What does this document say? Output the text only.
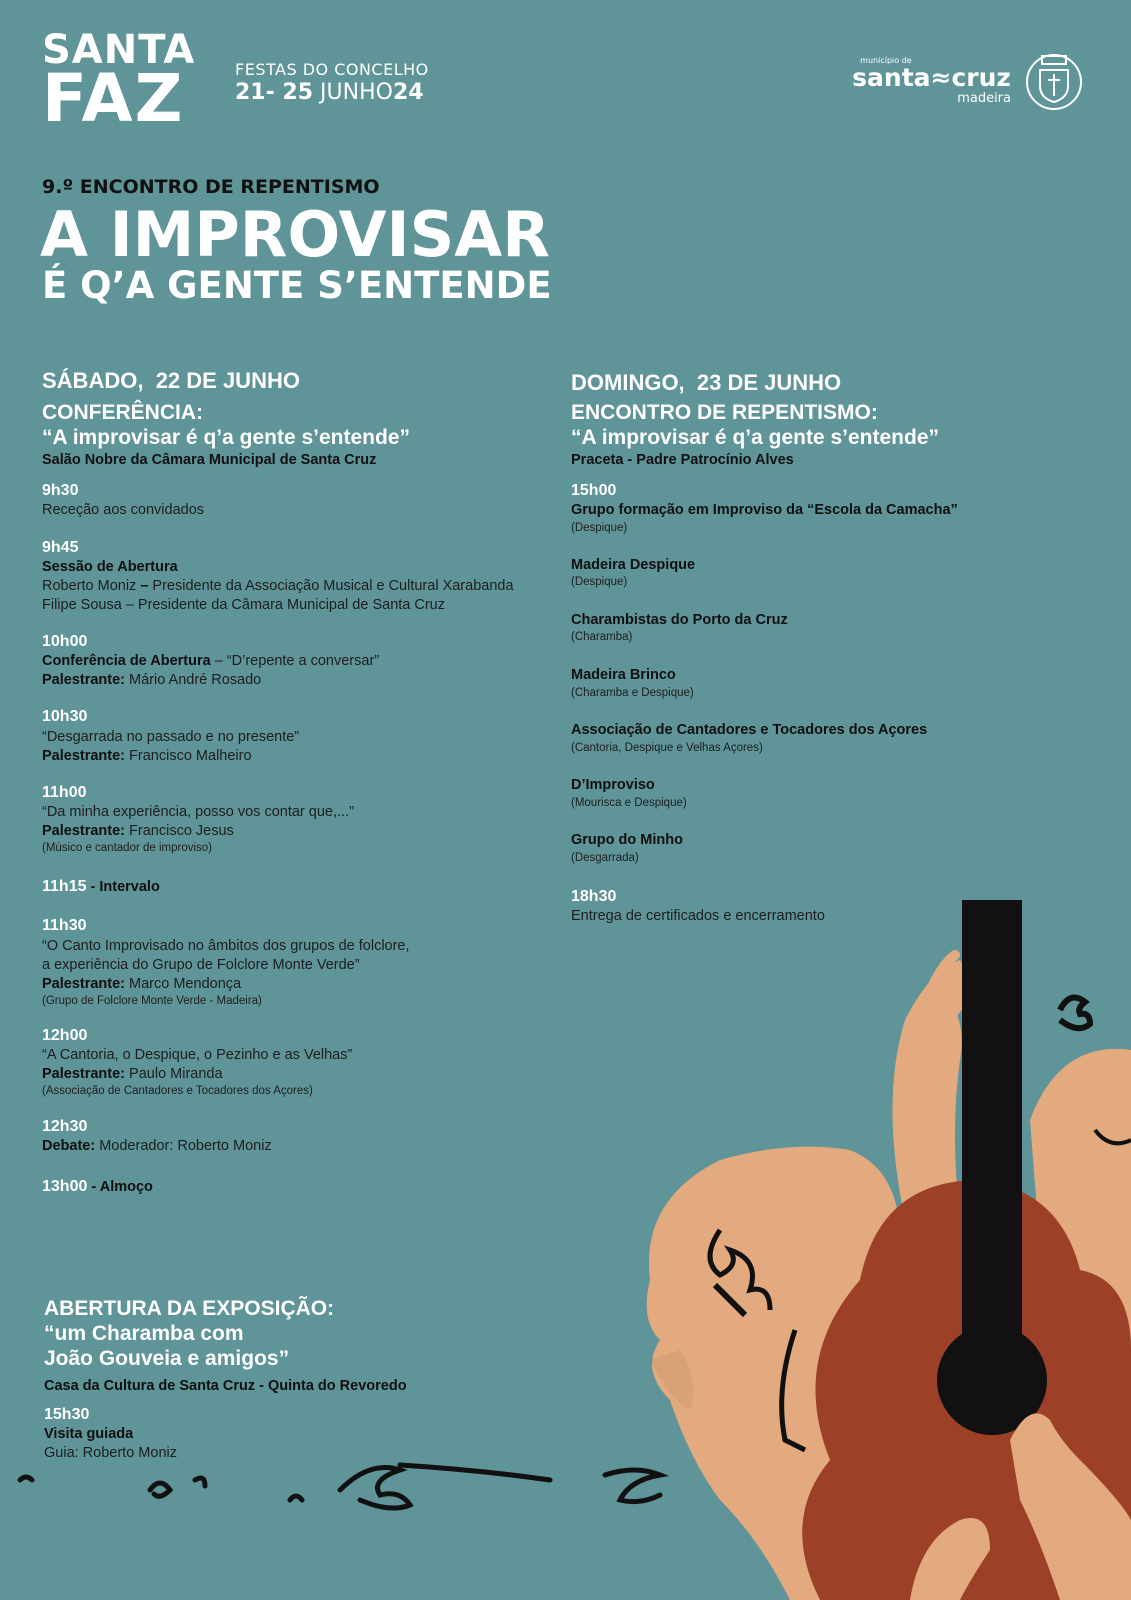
SANTA
FAZ	FESTAS DO CONCELHO
21- 25 JUNHO24
município de
santa≈cruz
madeira
9.º ENCONTRO DE REPENTISMO
A IMPROVISAR
É Q’A GENTE S’ENTENDE
SÁBADO, 22 DE JUNHO
CONFERÊNCIA:
“A improvisar é q’a gente s’entende”
Salão Nobre da Câmara Municipal de Santa Cruz
9h30
Receção aos convidados
9h45
Sessão de Abertura
Roberto Moniz – Presidente da Associação Musical e Cultural Xarabanda
Filipe Sousa – Presidente da Câmara Municipal de Santa Cruz
10h00
Conferência de Abertura – “D’repente a conversar”
Palestrante: Mário André Rosado
10h30
“Desgarrada no passado e no presente”
Palestrante: Francisco Malheiro
11h00
“Da minha experiência, posso vos contar que,...”
Palestrante: Francisco Jesus
(Músico e cantador de improviso)
11h15 - Intervalo
11h30
“O Canto Improvisado no âmbitos dos grupos de folclore,
a experiência do Grupo de Folclore Monte Verde”
Palestrante: Marco Mendonça
(Grupo de Folclore Monte Verde - Madeira)
12h00
“A Cantoria, o Despique, o Pezinho e as Velhas”
Palestrante: Paulo Miranda
(Associação de Cantadores e Tocadores dos Açores)
12h30
Debate: Moderador: Roberto Moniz
13h00 - Almoço
ABERTURA DA EXPOSIÇÃO:
“um Charamba com
João Gouveia e amigos”
Casa da Cultura de Santa Cruz - Quinta do Revoredo
15h30
Visita guiada
Guia: Roberto Moniz
DOMINGO, 23 DE JUNHO
ENCONTRO DE REPENTISMO:
“A improvisar é q’a gente s’entende”
Praceta - Padre Patrocínio Alves
15h00
Grupo formação em Improviso da “Escola da Camacha”
(Despique)
Madeira Despique
(Despique)
Charambistas do Porto da Cruz
(Charamba)
Madeira Brinco
(Charamba e Despique)
Associação de Cantadores e Tocadores dos Açores
(Cantoria, Despique e Velhas Açores)
D’Improviso
(Mourisca e Despique)
Grupo do Minho
(Desgarrada)
18h30
Entrega de certificados e encerramento
